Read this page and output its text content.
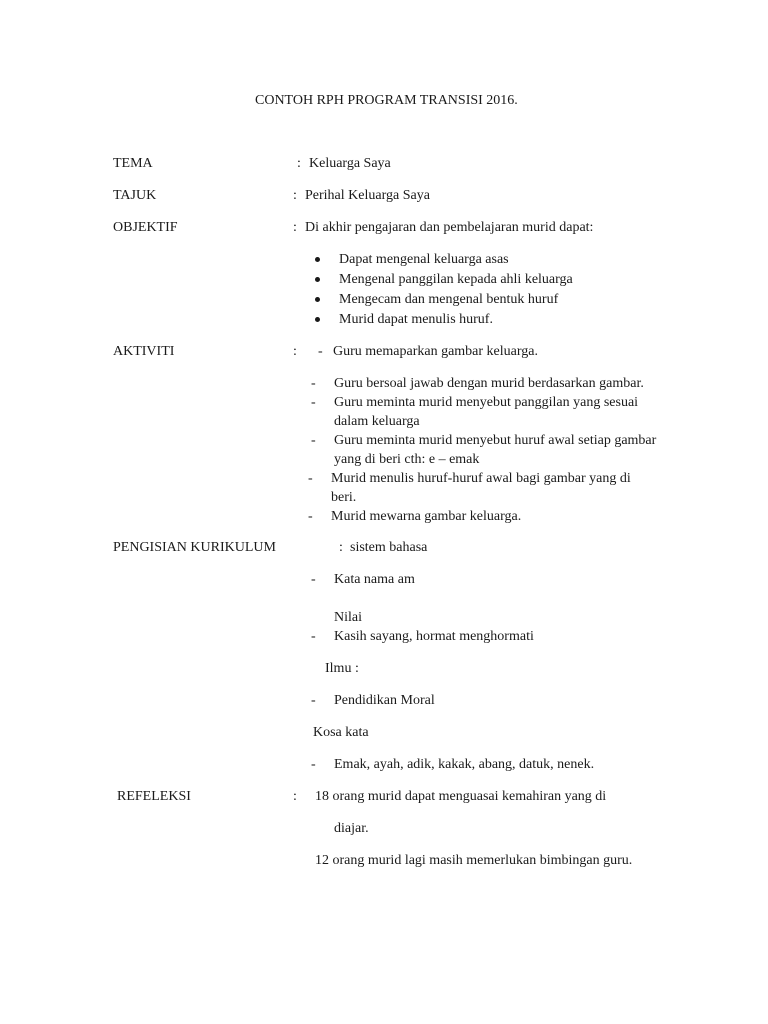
CONTOH RPH PROGRAM TRANSISI 2016.
TEMA	: Keluarga Saya
TAJUK	: Perihal Keluarga Saya
OBJEKTIF	: Di akhir pengajaran dan pembelajaran murid dapat:
Dapat mengenal keluarga asas
Mengenal panggilan kepada ahli keluarga
Mengecam dan mengenal bentuk huruf
Murid dapat menulis huruf.
AKTIVITI	: - Guru memaparkan gambar keluarga.
- Guru bersoal jawab dengan murid berdasarkan gambar.
- Guru meminta murid menyebut panggilan yang sesuai
dalam keluarga
- Guru meminta murid menyebut huruf awal setiap gambar
yang di beri cth: e – emak
- Murid menulis huruf-huruf awal bagi gambar yang di
beri.
- Murid mewarna gambar keluarga.
PENGISIAN KURIKULUM	: sistem bahasa
- Kata nama am
Nilai
- Kasih sayang, hormat menghormati
Ilmu :
- Pendidikan Moral
Kosa kata
- Emak, ayah, adik, kakak, abang, datuk, nenek.
REFELEKSI	: 18 orang murid dapat menguasai kemahiran yang di
diajar.
12 orang murid lagi masih memerlukan bimbingan guru.
